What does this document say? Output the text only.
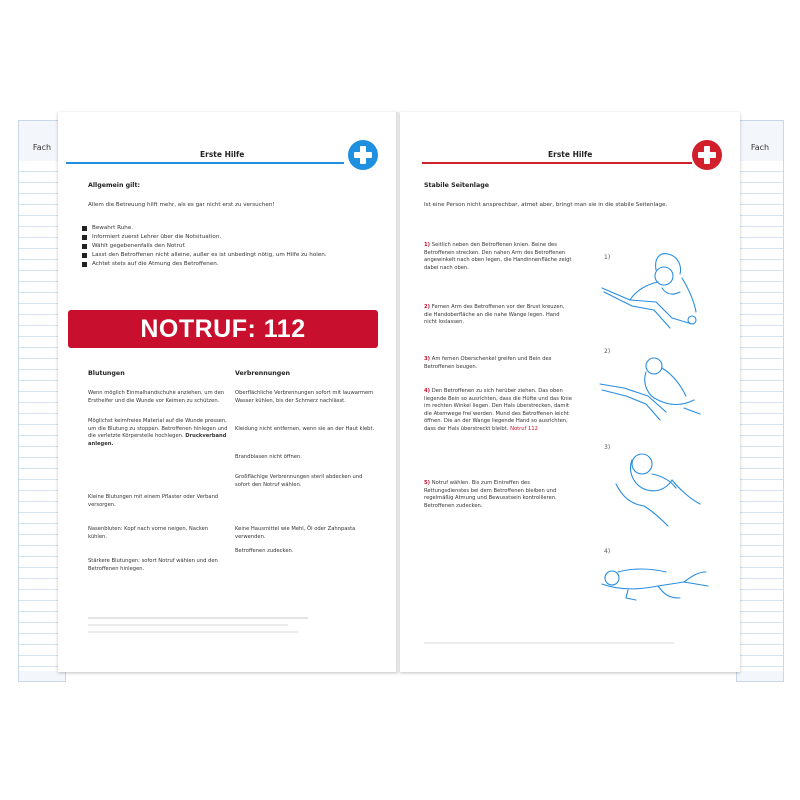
Fach	Fach
Erste Hilfe
Allgemein gilt:
Allem die Betreuung hilft mehr, als es gar nicht erst zu versuchen!
Bewahrt Ruhe.
Informiert zuerst Lehrer über die Notsituation.
Wählt gegebenenfalls den Notruf.
Lasst den Betroffenen nicht alleine, außer es ist unbedingt nötig, um Hilfe zu holen.
Achtet stets auf die Atmung des Betroffenen.
NOTRUF: 112
Blutungen
Wenn möglich Einmalhandschuhe anziehen, um den Ersthelfer und die Wunde vor Keimen zu schützen.
Möglichst keimfreies Material auf die Wunde pressen, um die Blutung zu stoppen. Betroffenen hinlegen und die verletzte Körperstelle hochlegen. Druckverband anlegen.
Kleine Blutungen mit einem Pflaster oder Verband versorgen.
Nasenbluten: Kopf nach vorne neigen, Nacken kühlen.
Stärkere Blutungen: sofort Notruf wählen und den Betroffenen hinlegen.
Verbrennungen
Oberflächliche Verbrennungen sofort mit lauwarmem Wasser kühlen, bis der Schmerz nachlässt.
Kleidung nicht entfernen, wenn sie an der Haut klebt.
Brandblasen nicht öffnen.
Großflächige Verbrennungen steril abdecken und sofort den Notruf wählen.
Keine Hausmittel wie Mehl, Öl oder Zahnpasta verwenden.
Betroffenen zudecken.
Erste Hilfe
Stabile Seitenlage
Ist eine Person nicht ansprechbar, atmet aber, bringt man sie in die stabile Seitenlage.
1) Seitlich neben den Betroffenen knien. Beine des Betroffenen strecken. Den nahen Arm des Betroffenen angewinkelt nach oben legen, die Handinnenfläche zeigt dabei nach oben.
2) Fernen Arm des Betroffenen vor der Brust kreuzen, die Handoberfläche an die nahe Wange legen. Hand nicht loslassen.
3) Am fernen Oberschenkel greifen und Bein des Betroffenen beugen.
4) Den Betroffenen zu sich herüber ziehen. Das oben liegende Bein so ausrichten, dass die Hüfte und das Knie im rechten Winkel liegen. Den Hals überstrecken, damit die Atemwege frei werden. Mund des Betroffenen leicht öffnen. Die an der Wange liegende Hand so ausrichten, dass der Hals überstreckt bleibt. Notruf 112
5) Notruf wählen. Bis zum Eintreffen des Rettungsdienstes bei dem Betroffenen bleiben und regelmäßig Atmung und Bewusstsein kontrollieren. Betroffenen zudecken.
1)
2)
3)
4)
